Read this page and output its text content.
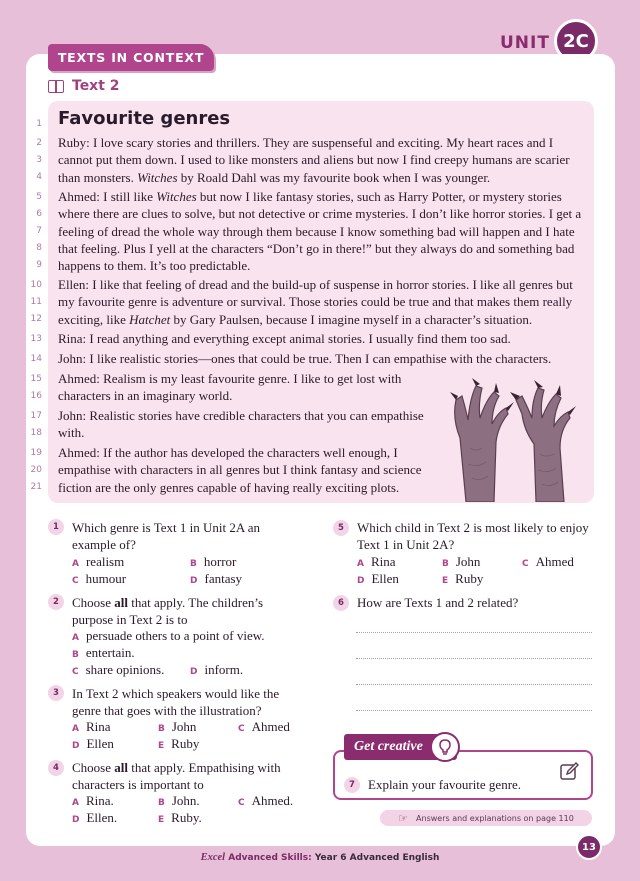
UNIT 2C
TEXTS IN CONTEXT
Text 2
1
2
3
4
5
6
7
8
9
10
11
12
13
14
15
16
17
18
19
20
21
Favourite genres

Ruby: I love scary stories and thrillers. They are suspenseful and exciting. My heart races and I cannot put them down. I used to like monsters and aliens but now I find creepy humans are scarier than monsters. Witches by Roald Dahl was my favourite book when I was younger.

Ahmed: I still like Witches but now I like fantasy stories, such as Harry Potter, or mystery stories where there are clues to solve, but not detective or crime mysteries. I don’t like horror stories. I get a feeling of dread the whole way through them because I know something bad will happen and I hate that feeling. Plus I yell at the characters “Don’t go in there!” but they always do and something bad happens to them. It’s too predictable.

Ellen: I like that feeling of dread and the build-up of suspense in horror stories. I like all genres but my favourite genre is adventure or survival. Those stories could be true and that makes them really exciting, like Hatchet by Gary Paulsen, because I imagine myself in a character’s situation.

Rina: I read anything and everything except animal stories. I usually find them too sad.

John: I like realistic stories—ones that could be true. Then I can empathise with the characters.

Ahmed: Realism is my least favourite genre. I like to get lost with characters in an imaginary world.

John: Realistic stories have credible characters that you can empathise with.

Ahmed: If the author has developed the characters well enough, I empathise with characters in all genres but I think fantasy and science fiction are the only genres capable of having really exciting plots.

1	Which genre is Text 1 in Unit 2A an example of?

A realism	B horror
C humour	D fantasy
2	Choose all that apply. The children’s purpose in Text 2 is to

A persuade others to a point of view.
B entertain.
C share opinions.	D inform.
3	In Text 2 which speakers would like the genre that goes with the illustration?

A Rina	B John	C Ahmed
D Ellen	E Ruby
4	Choose all that apply. Empathising with characters is important to

A Rina.	B John.	C Ahmed.
D Ellen.	E Ruby.
5	Which child in Text 2 is most likely to enjoy Text 1 in Unit 2A?

A Rina	B John	C Ahmed
D Ellen	E Ruby
6	How are Texts 1 and 2 related?

Get creative
7	Explain your favourite genre.

☞ Answers and explanations on page 110
Excel Advanced Skills: Year 6 Advanced English
13
